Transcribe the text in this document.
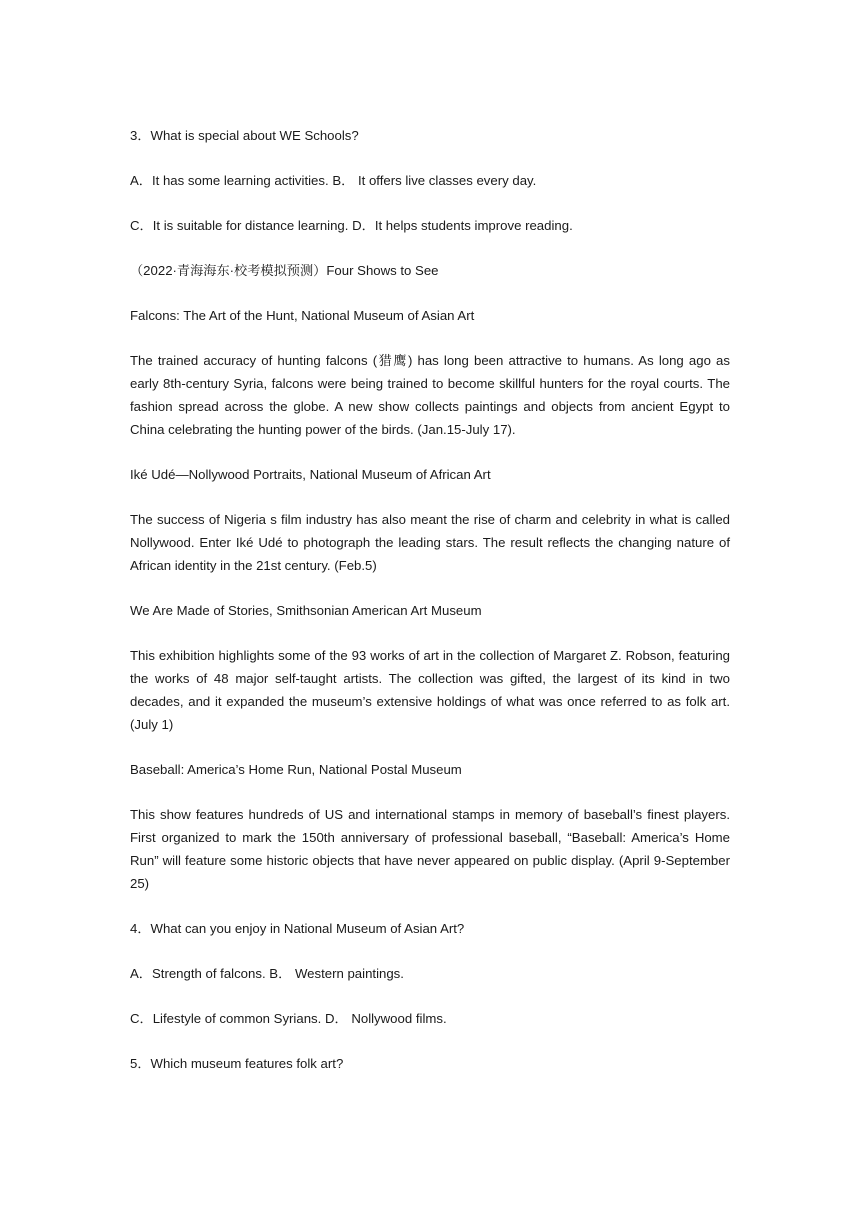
3．What is special about WE Schools?
A．It has some learning activities. B． It offers live classes every day.
C．It is suitable for distance learning. D．It helps students improve reading.
（2022·青海海东·校考模拟预测）Four Shows to See
Falcons: The Art of the Hunt, National Museum of Asian Art
The trained accuracy of hunting falcons (猎鹰) has long been attractive to humans. As long ago as early 8th-century Syria, falcons were being trained to become skillful hunters for the royal courts. The fashion spread across the globe. A new show collects paintings and objects from ancient Egypt to China celebrating the hunting power of the birds. (Jan.15-July 17).
Iké Udé—Nollywood Portraits, National Museum of African Art
The success of Nigeria s film industry has also meant the rise of charm and celebrity in what is called Nollywood. Enter Iké Udé to photograph the leading stars. The result reflects the changing nature of African identity in the 21st century. (Feb.5)
We Are Made of Stories, Smithsonian American Art Museum
This exhibition highlights some of the 93 works of art in the collection of Margaret Z. Robson, featuring the works of 48 major self-taught artists. The collection was gifted, the largest of its kind in two decades, and it expanded the museum’s extensive holdings of what was once referred to as folk art. (July 1)
Baseball: America’s Home Run, National Postal Museum
This show features hundreds of US and international stamps in memory of baseball’s finest players. First organized to mark the 150th anniversary of professional baseball, “Baseball: America’s Home Run” will feature some historic objects that have never appeared on public display. (April 9-September 25)
4．What can you enjoy in National Museum of Asian Art?
A．Strength of falcons. B． Western paintings.
C．Lifestyle of common Syrians. D． Nollywood films.
5．Which museum features folk art?
